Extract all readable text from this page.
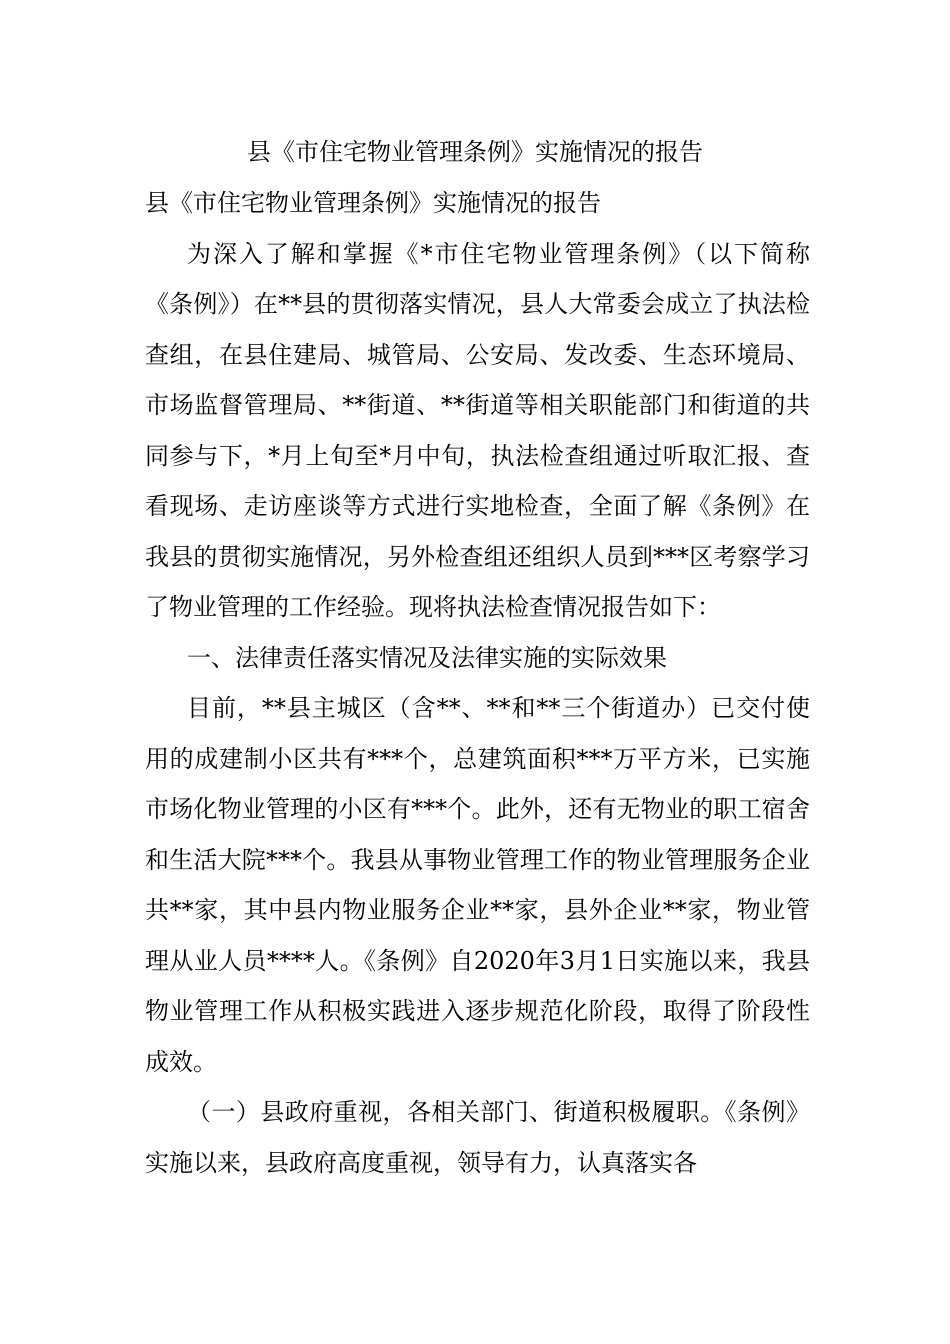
县《市住宅物业管理条例》实施情况的报告

县《市住宅物业管理条例》实施情况的报告

为深入了解和掌握《*市住宅物业管理条例》（以下简称《条例》）在**县的贯彻落实情况，县人大常委会成立了执法检查组，在县住建局、城管局、公安局、发改委、生态环境局、市场监督管理局、**街道、**街道等相关职能部门和街道的共同参与下，*月上旬至*月中旬，执法检查组通过听取汇报、查看现场、走访座谈等方式进行实地检查，全面了解《条例》在我县的贯彻实施情况，另外检查组还组织人员到***区考察学习了物业管理的工作经验。现将执法检查情况报告如下：

一、法律责任落实情况及法律实施的实际效果

目前，**县主城区（含**、**和**三个街道办）已交付使用的成建制小区共有***个，总建筑面积***万平方米，已实施市场化物业管理的小区有***个。此外，还有无物业的职工宿舍和生活大院***个。我县从事物业管理工作的物业管理服务企业共**家，其中县内物业服务企业**家，县外企业**家，物业管理从业人员****人。《条例》自2020年3月1日实施以来，我县物业管理工作从积极实践进入逐步规范化阶段，取得了阶段性成效。

（一）县政府重视，各相关部门、街道积极履职。《条例》实施以来，县政府高度重视，领导有力，认真落实各
